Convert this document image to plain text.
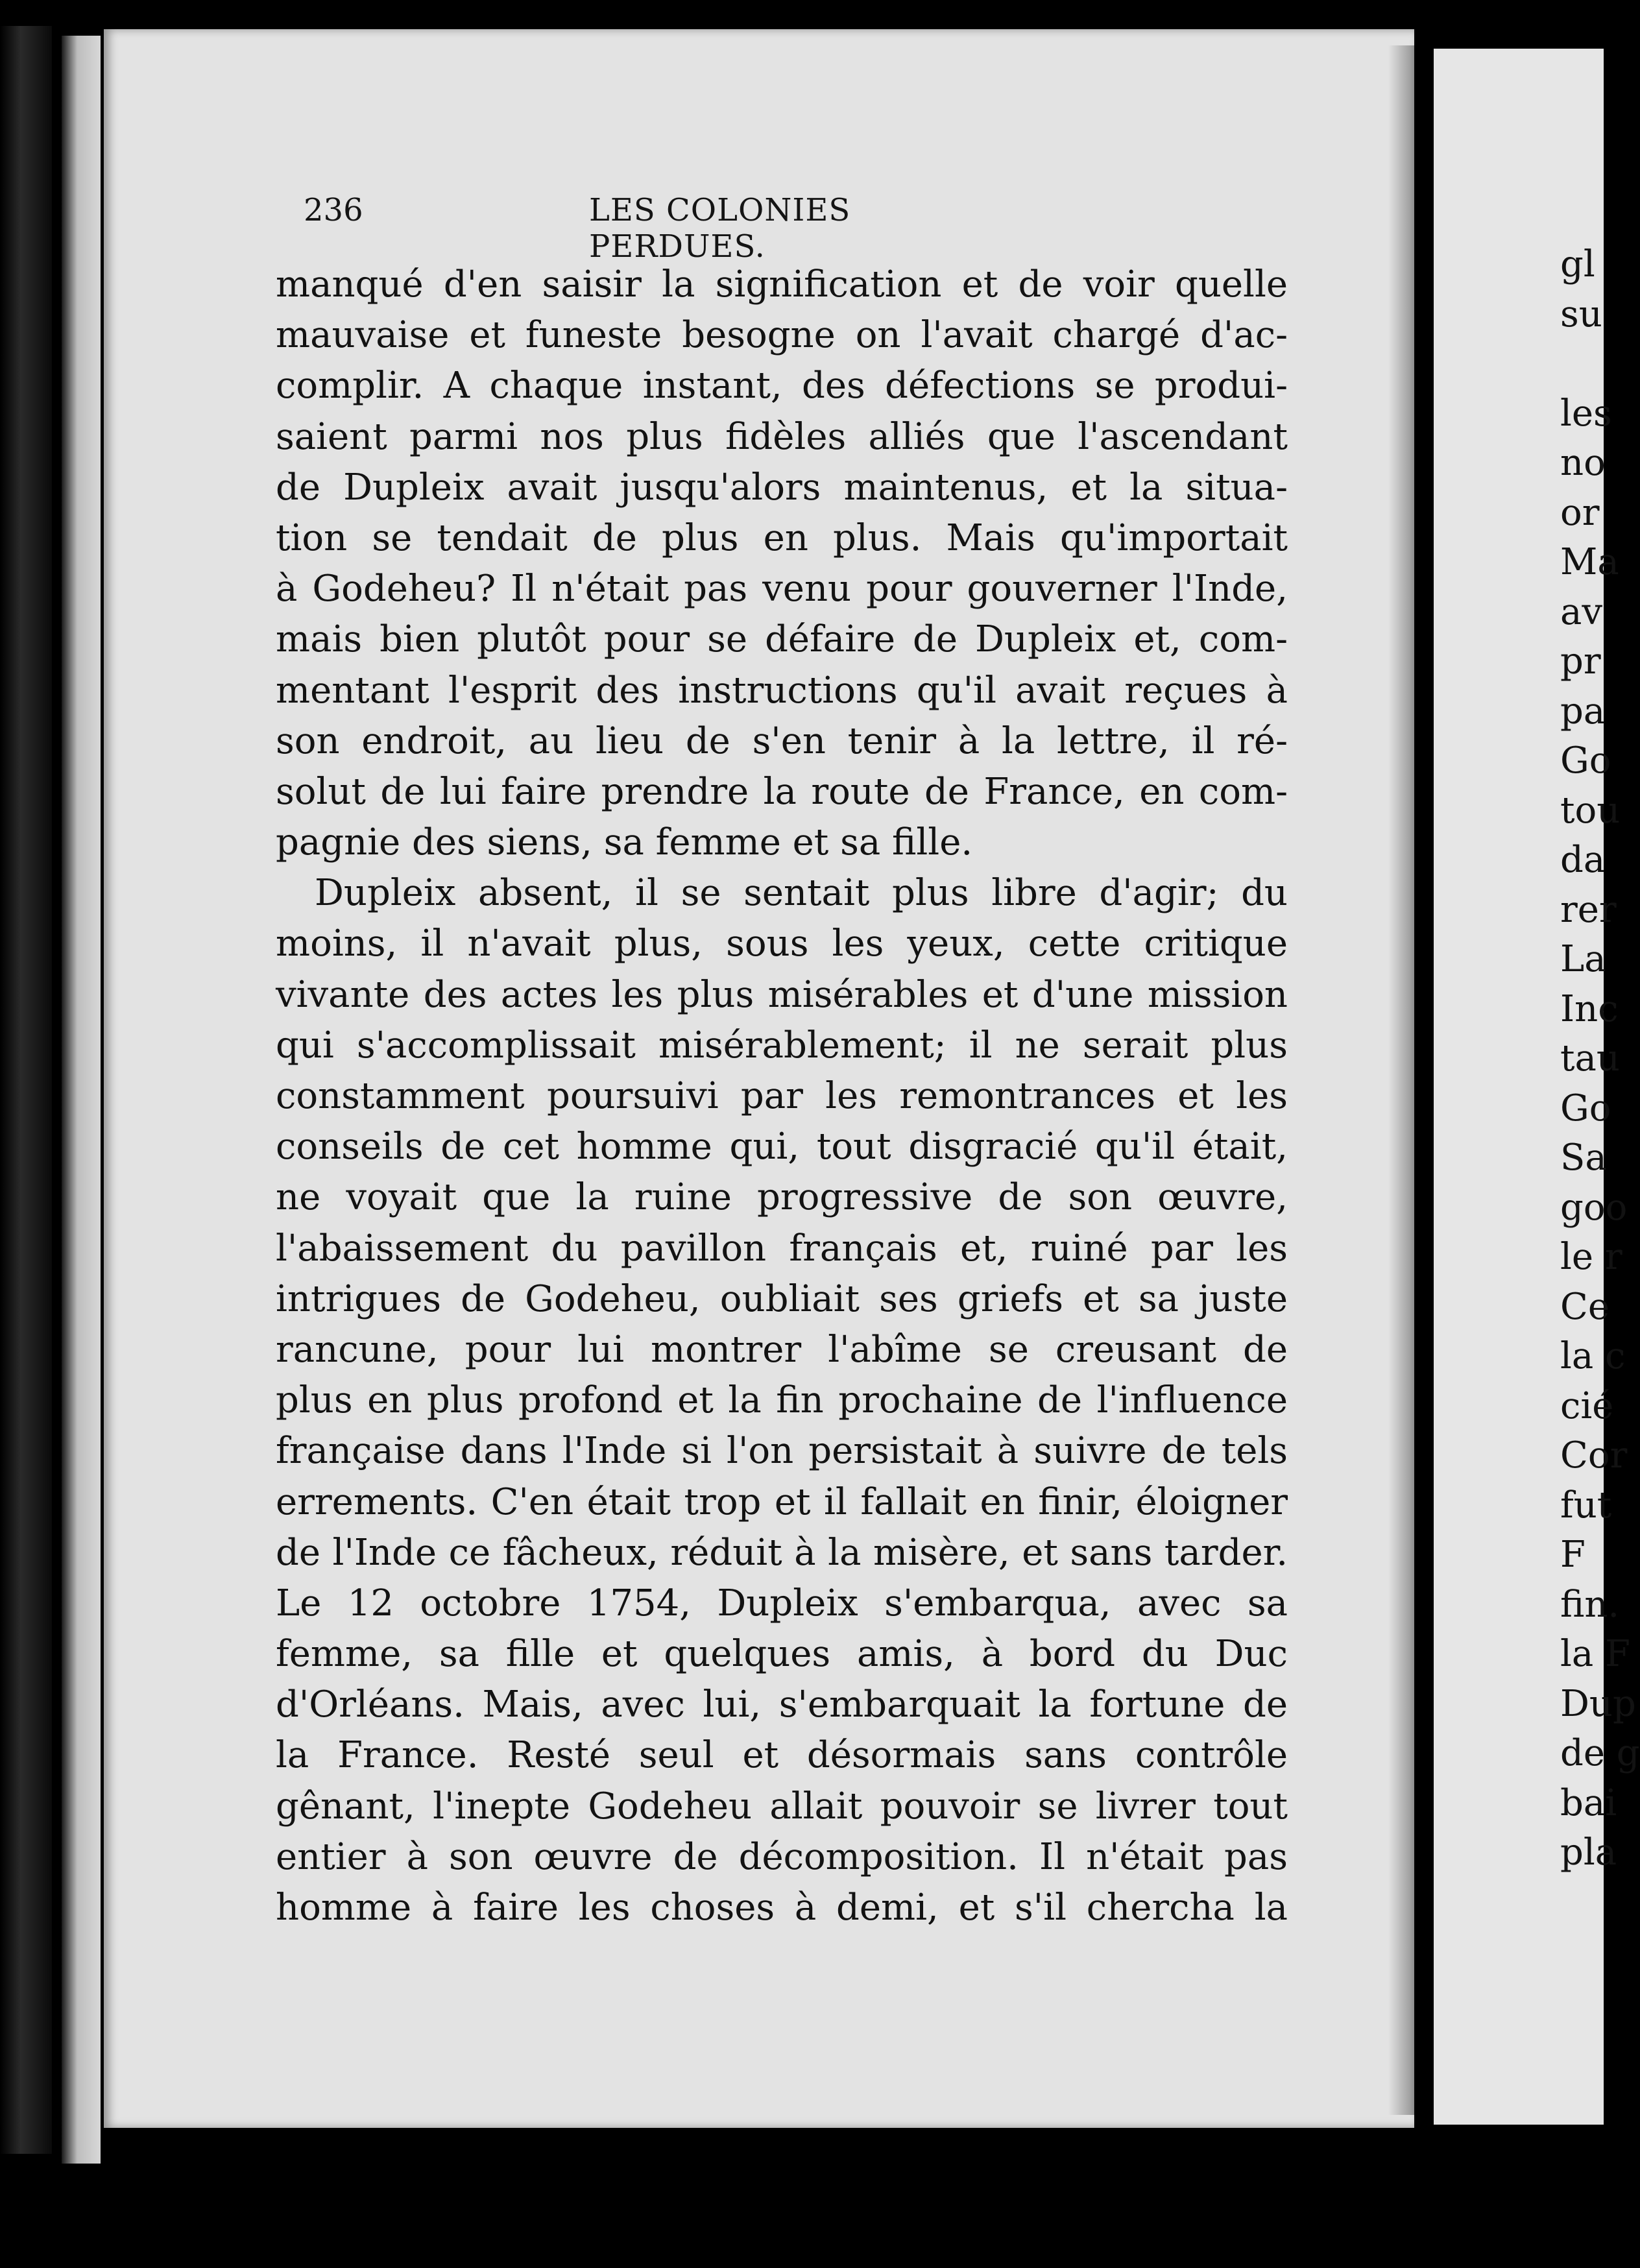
236	LES COLONIES PERDUES.
manqué d'en saisir la signification et de voir quelle
mauvaise et funeste besogne on l'avait chargé d'ac-
complir. A chaque instant, des défections se produi-
saient parmi nos plus fidèles alliés que l'ascendant
de Dupleix avait jusqu'alors maintenus, et la situa-
tion se tendait de plus en plus. Mais qu'importait
à Godeheu? Il n'était pas venu pour gouverner l'Inde,
mais bien plutôt pour se défaire de Dupleix et, com-
mentant l'esprit des instructions qu'il avait reçues à
son endroit, au lieu de s'en tenir à la lettre, il ré-
solut de lui faire prendre la route de France, en com-
pagnie des siens, sa femme et sa fille.
Dupleix absent, il se sentait plus libre d'agir; du
moins, il n'avait plus, sous les yeux, cette critique
vivante des actes les plus misérables et d'une mission
qui s'accomplissait misérablement; il ne serait plus
constamment poursuivi par les remontrances et les
conseils de cet homme qui, tout disgracié qu'il était,
ne voyait que la ruine progressive de son œuvre,
l'abaissement du pavillon français et, ruiné par les
intrigues de Godeheu, oubliait ses griefs et sa juste
rancune, pour lui montrer l'abîme se creusant de
plus en plus profond et la fin prochaine de l'influence
française dans l'Inde si l'on persistait à suivre de tels
errements. C'en était trop et il fallait en finir, éloigner
de l'Inde ce fâcheux, réduit à la misère, et sans tarder.
Le 12 octobre 1754, Dupleix s'embarqua, avec sa
femme, sa fille et quelques amis, à bord du Duc
d'Orléans. Mais, avec lui, s'embarquait la fortune de
la France. Resté seul et désormais sans contrôle
gênant, l'inepte Godeheu allait pouvoir se livrer tout
entier à son œuvre de décomposition. Il n'était pas
homme à faire les choses à demi, et s'il chercha la
gl
su
les
no
or
Ma
av
pr
pa
Go
tou
da
rer
La
Inc
tau
Go
Sa
goo
le r
Ce
la c
cié
Cor
fut
F
fin.
la F
Dup
de g
bai
pla
